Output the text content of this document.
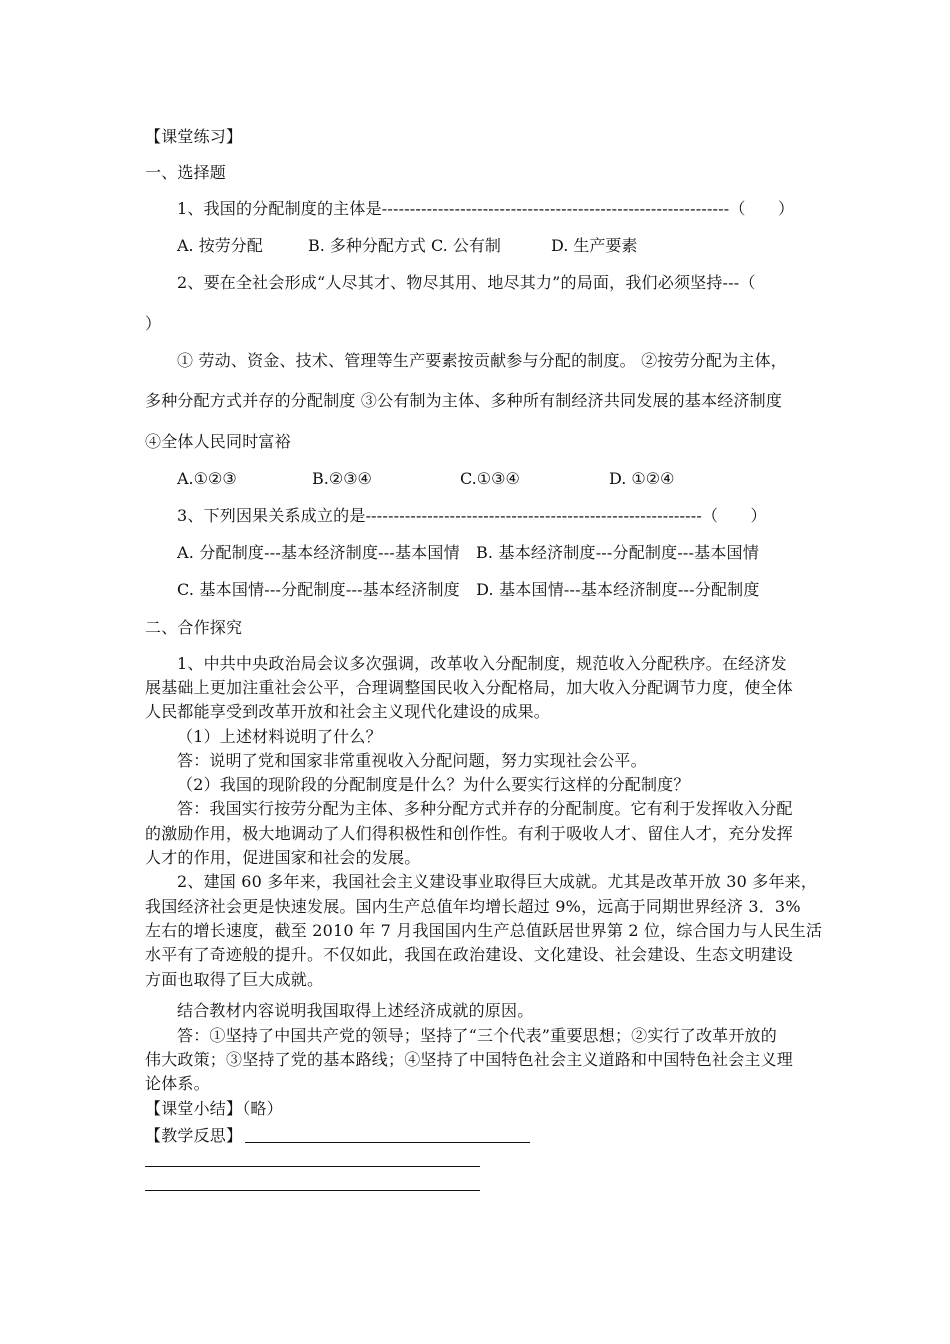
【课堂练习】
一、选择题
1、我国的分配制度的主体是--------------------------------------------------------------（　　）
A. 按劳分配	B. 多种分配方式 C. 公有制	D. 生产要素
2、要在全社会形成“人尽其才、物尽其用、地尽其力”的局面，我们必须坚持---（
）
① 劳动、资金、技术、管理等生产要素按贡献参与分配的制度。 ②按劳分配为主体，
多种分配方式并存的分配制度 ③公有制为主体、多种所有制经济共同发展的基本经济制度
④全体人民同时富裕
A.①②③	B.②③④	C.①③④	D. ①②④
3、下列因果关系成立的是------------------------------------------------------------（　　）
A. 分配制度---基本经济制度---基本国情　B. 基本经济制度---分配制度---基本国情
C. 基本国情---分配制度---基本经济制度　D. 基本国情---基本经济制度---分配制度
二、合作探究
1、中共中央政治局会议多次强调，改革收入分配制度，规范收入分配秩序。在经济发
展基础上更加注重社会公平，合理调整国民收入分配格局，加大收入分配调节力度，使全体
人民都能享受到改革开放和社会主义现代化建设的成果。
（1）上述材料说明了什么？
答：说明了党和国家非常重视收入分配问题，努力实现社会公平。
（2）我国的现阶段的分配制度是什么？为什么要实行这样的分配制度？
答：我国实行按劳分配为主体、多种分配方式并存的分配制度。它有利于发挥收入分配
的激励作用，极大地调动了人们得积极性和创作性。有利于吸收人才、留住人才，充分发挥
人才的作用，促进国家和社会的发展。
2、建国 60 多年来，我国社会主义建设事业取得巨大成就。尤其是改革开放 30 多年来，
我国经济社会更是快速发展。国内生产总值年均增长超过 9%，远高于同期世界经济 3．3%
左右的增长速度，截至 2010 年 7 月我国国内生产总值跃居世界第 2 位，综合国力与人民生活
水平有了奇迹般的提升。不仅如此，我国在政治建设、文化建设、社会建设、生态文明建设
方面也取得了巨大成就。
结合教材内容说明我国取得上述经济成就的原因。
答：①坚持了中国共产党的领导；坚持了“三个代表”重要思想；②实行了改革开放的
伟大政策；③坚持了党的基本路线；④坚持了中国特色社会主义道路和中国特色社会主义理
论体系。
【课堂小结】（略）
【教学反思】
